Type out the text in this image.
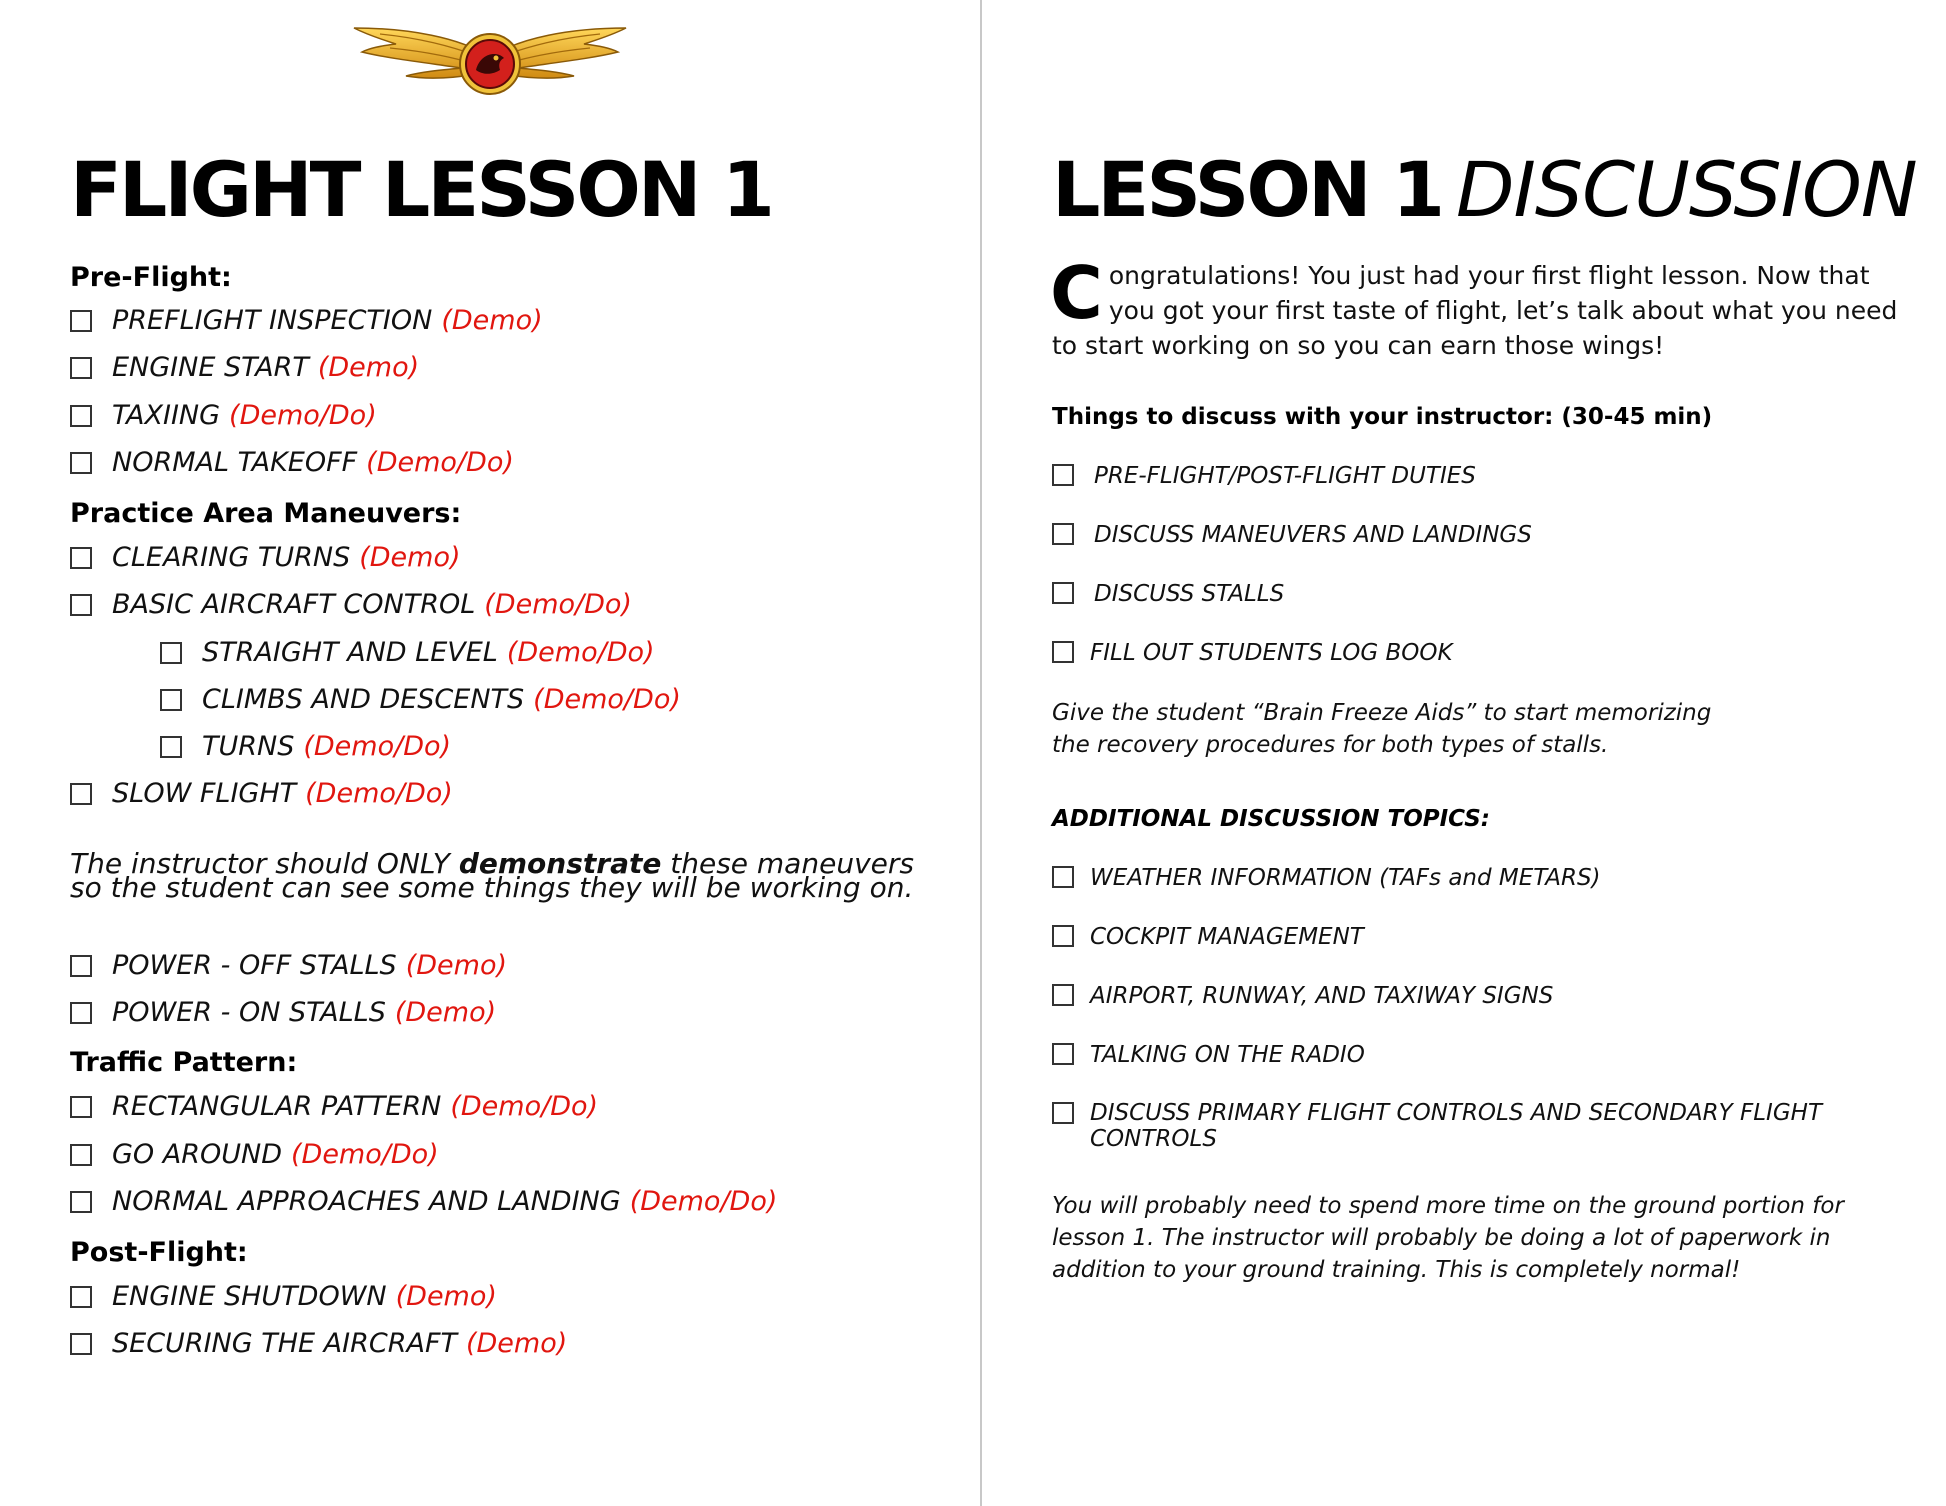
FLIGHT LESSON 1
Pre-Flight:
PREFLIGHT INSPECTION (Demo)
ENGINE START (Demo)
TAXIING (Demo/Do)
NORMAL TAKEOFF (Demo/Do)
Practice Area Maneuvers:
CLEARING TURNS (Demo)
BASIC AIRCRAFT CONTROL (Demo/Do)
STRAIGHT AND LEVEL (Demo/Do)
CLIMBS AND DESCENTS (Demo/Do)
TURNS (Demo/Do)
SLOW FLIGHT (Demo/Do)

The instructor should ONLY demonstrate these maneuvers

so the student can see some things they will be working on.

POWER - OFF STALLS (Demo)
POWER - ON STALLS (Demo)
Traffic Pattern:
RECTANGULAR PATTERN (Demo/Do)
GO AROUND (Demo/Do)
NORMAL APPROACHES AND LANDING (Demo/Do)
Post-Flight:
ENGINE SHUTDOWN (Demo)
SECURING THE AIRCRAFT (Demo)
LESSON 1 DISCUSSION

Congratulations! You just had your first flight lesson. Now that you got your first taste of flight, let’s talk about what you need to start working on so you can earn those wings!

Things to discuss with your instructor: (30-45 min)
PRE-FLIGHT/POST-FLIGHT DUTIES
DISCUSS MANEUVERS AND LANDINGS
DISCUSS STALLS
FILL OUT STUDENTS LOG BOOK

Give the student “Brain Freeze Aids” to start memorizing
the recovery procedures for both types of stalls.

ADDITIONAL DISCUSSION TOPICS:
WEATHER INFORMATION (TAFs and METARS)
COCKPIT MANAGEMENT
AIRPORT, RUNWAY, AND TAXIWAY SIGNS
TALKING ON THE RADIO
DISCUSS PRIMARY FLIGHT CONTROLS AND SECONDARY FLIGHT CONTROLS

You will probably need to spend more time on the ground portion for lesson 1. The instructor will probably be doing a lot of paperwork in addition to your ground training. This is completely normal!
